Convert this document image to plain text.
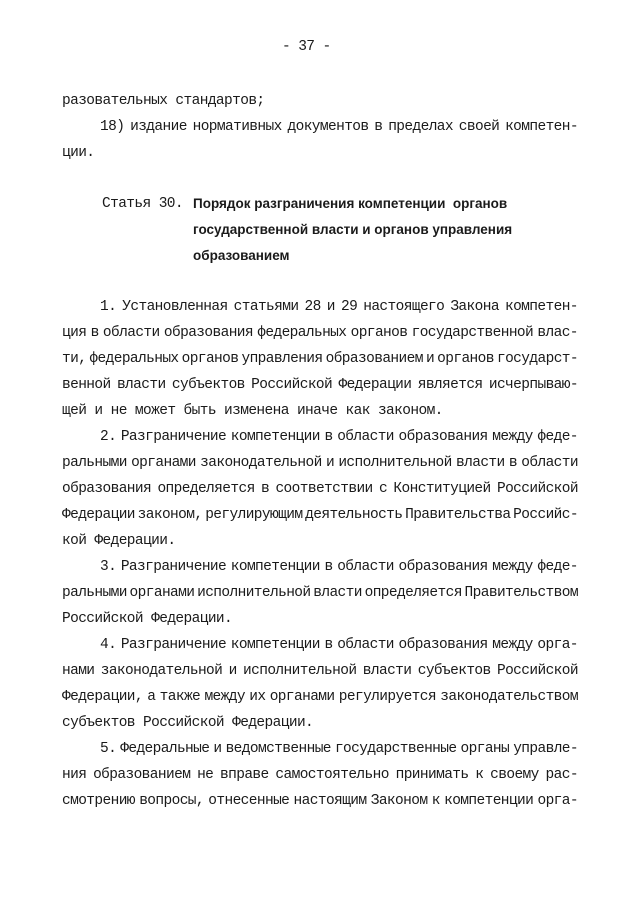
- 37 -
разовательных стандартов;
18) издание нормативных документов в пределах своей компетен-
ции.
Статья 30. Порядок разграничения компетенции  органов
государственной власти и органов управления
образованием
1. Установленная статьями 28 и 29 настоящего Закона компетен-
ция в области образования федеральных органов государственной влас-
ти, федеральных органов управления образованием и органов государст-
венной власти субъектов Российской Федерации является исчерпываю-
щей и не может быть изменена иначе как законом.
2. Разграничение компетенции в области образования между феде-
ральными органами законодательной и исполнительной власти в области
образования определяется в соответствии с Конституцией Российской
Федерации законом, регулирующим деятельность Правительства Российс-
кой Федерации.
3. Разграничение компетенции в области образования между феде-
ральными органами исполнительной власти определяется Правительством
Российской Федерации.
4. Разграничение компетенции в области образования между орга-
нами законодательной и исполнительной власти субъектов Российской
Федерации, а также между их органами регулируется законодательством
субъектов Российской Федерации.
5. Федеральные и ведомственные государственные органы управле-
ния образованием не вправе самостоятельно принимать к своему рас-
смотрению вопросы, отнесенные настоящим Законом к компетенции орга-
